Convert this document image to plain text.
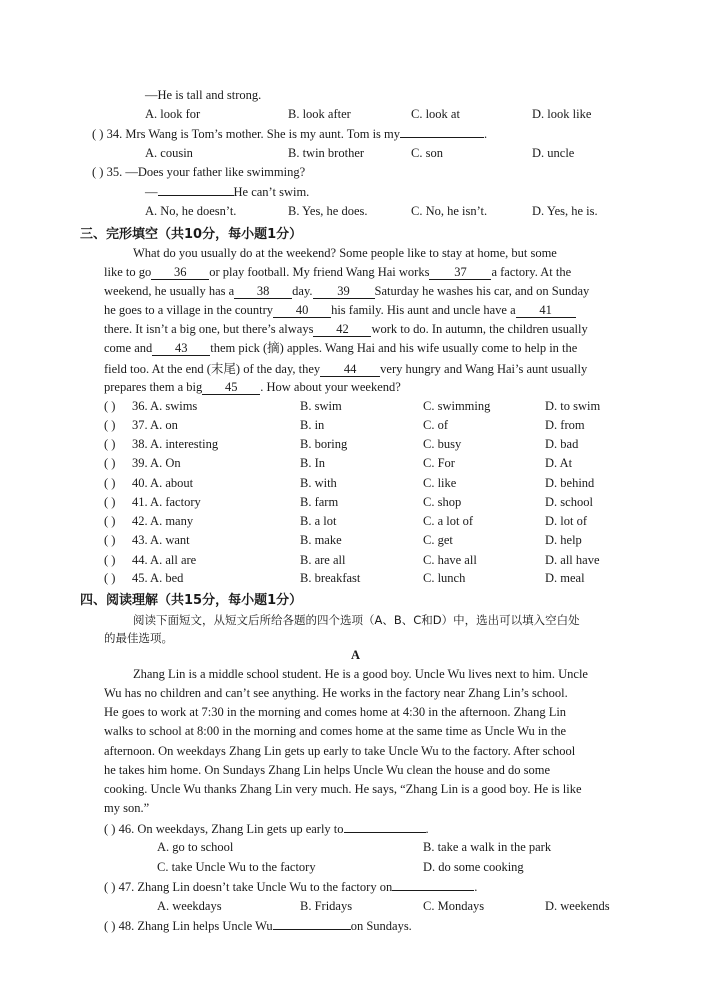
—He is tall and strong.
A. look for	B. look after	C. look at	D. look like
( ) 34. Mrs Wang is Tom’s mother. She is my aunt. Tom is my	.
A. cousin	B. twin brother	C. son	D. uncle
( ) 35. —Does your father like swimming?
—	He can’t swim.
A. No, he doesn’t.	B. Yes, he does.	C. No, he isn’t.	D. Yes, he is.
三、完形填空（共10分，每小题1分）
What do you usually do at the weekend? Some people like to stay at home, but some
like to go 36 or play football. My friend Wang Hai works 37 a factory. At the
weekend, he usually has a 38 day. 39 Saturday he washes his car, and on Sunday
he goes to a village in the country 40 his family. His aunt and uncle have a 41
there. It isn’t a big one, but there’s always 42 work to do. In autumn, the children usually
come and 43 them pick (摘) apples. Wang Hai and his wife usually come to help in the
field too. At the end (末尾) of the day, they 44 very hungry and Wang Hai’s aunt usually
prepares them a big 45 . How about your weekend?
( ) 36. A. swims	B. swim	C. swimming	D. to swim
( ) 37. A. on	B. in	C. of	D. from
( ) 38. A. interesting	B. boring	C. busy	D. bad
( ) 39. A. On	B. In	C. For	D. At
( ) 40. A. about	B. with	C. like	D. behind
( ) 41. A. factory	B. farm	C. shop	D. school
( ) 42. A. many	B. a lot	C. a lot of	D. lot of
( ) 43. A. want	B. make	C. get	D. help
( ) 44. A. all are	B. are all	C. have all	D. all have
( ) 45. A. bed	B. breakfast	C. lunch	D. meal
四、阅读理解（共15分，每小题1分）
阅读下面短文，从短文后所给各题的四个选项（A、B、C和D）中，选出可以填入空白处
的最佳选项。
A
Zhang Lin is a middle school student. He is a good boy. Uncle Wu lives next to him. Uncle
Wu has no children and can’t see anything. He works in the factory near Zhang Lin’s school.
He goes to work at 7:30 in the morning and comes home at 4:30 in the afternoon. Zhang Lin
walks to school at 8:00 in the morning and comes home at the same time as Uncle Wu in the
afternoon. On weekdays Zhang Lin gets up early to take Uncle Wu to the factory. After school
he takes him home. On Sundays Zhang Lin helps Uncle Wu clean the house and do some
cooking. Uncle Wu thanks Zhang Lin very much. He says, “Zhang Lin is a good boy. He is like
my son.”
( ) 46. On weekdays, Zhang Lin gets up early to	.
A. go to school	B. take a walk in the park
C. take Uncle Wu to the factory	D. do some cooking
( ) 47. Zhang Lin doesn’t take Uncle Wu to the factory on	.
A. weekdays	B. Fridays	C. Mondays	D. weekends
( ) 48. Zhang Lin helps Uncle Wu	on Sundays.
